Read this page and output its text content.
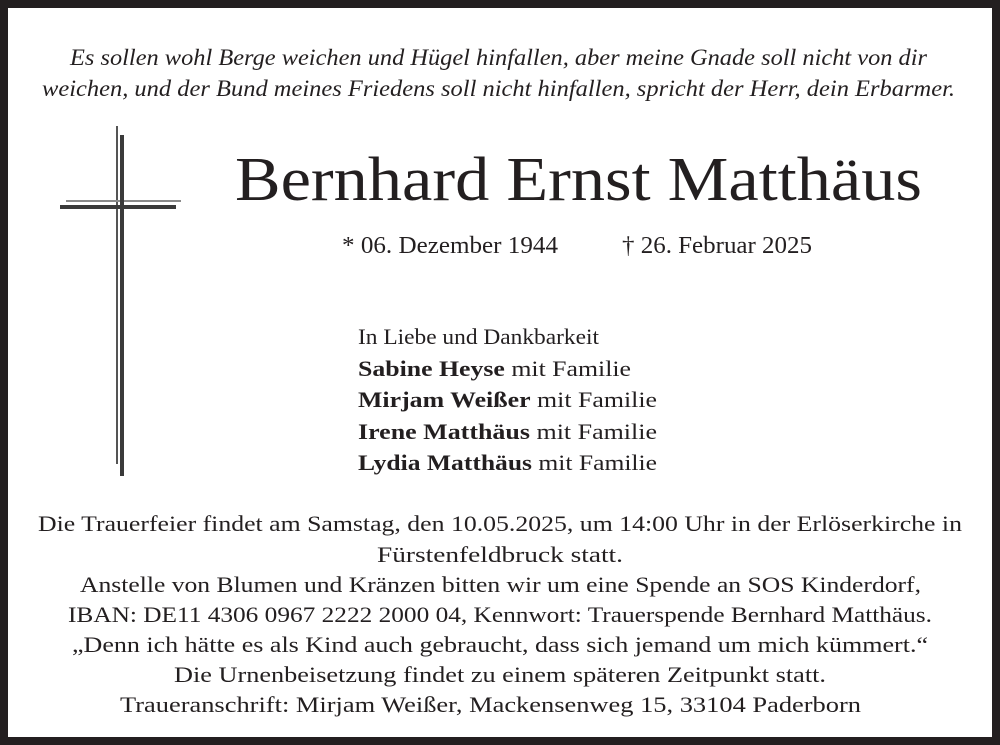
Es sollen wohl Berge weichen und Hügel hinfallen, aber meine Gnade soll nicht von dir
weichen, und der Bund meines Friedens soll nicht hinfallen, spricht der Herr, dein Erbarmer.
Bernhard Ernst Matthäus
* 06. Dezember 1944	† 26. Februar 2025
In Liebe und Dankbarkeit
Sabine Heyse mit Familie
Mirjam Weißer mit Familie
Irene Matthäus mit Familie
Lydia Matthäus mit Familie
Die Trauerfeier findet am Samstag, den 10.05.2025, um 14:00 Uhr in der Erlöserkirche in
Fürstenfeldbruck statt.
Anstelle von Blumen und Kränzen bitten wir um eine Spende an SOS Kinderdorf,
IBAN: DE11 4306 0967 2222 2000 04, Kennwort: Trauerspende Bernhard Matthäus.
„Denn ich hätte es als Kind auch gebraucht, dass sich jemand um mich kümmert.“
Die Urnenbeisetzung findet zu einem späteren Zeitpunkt statt.
Traueranschrift: Mirjam Weißer, Mackensenweg 15, 33104 Paderborn
